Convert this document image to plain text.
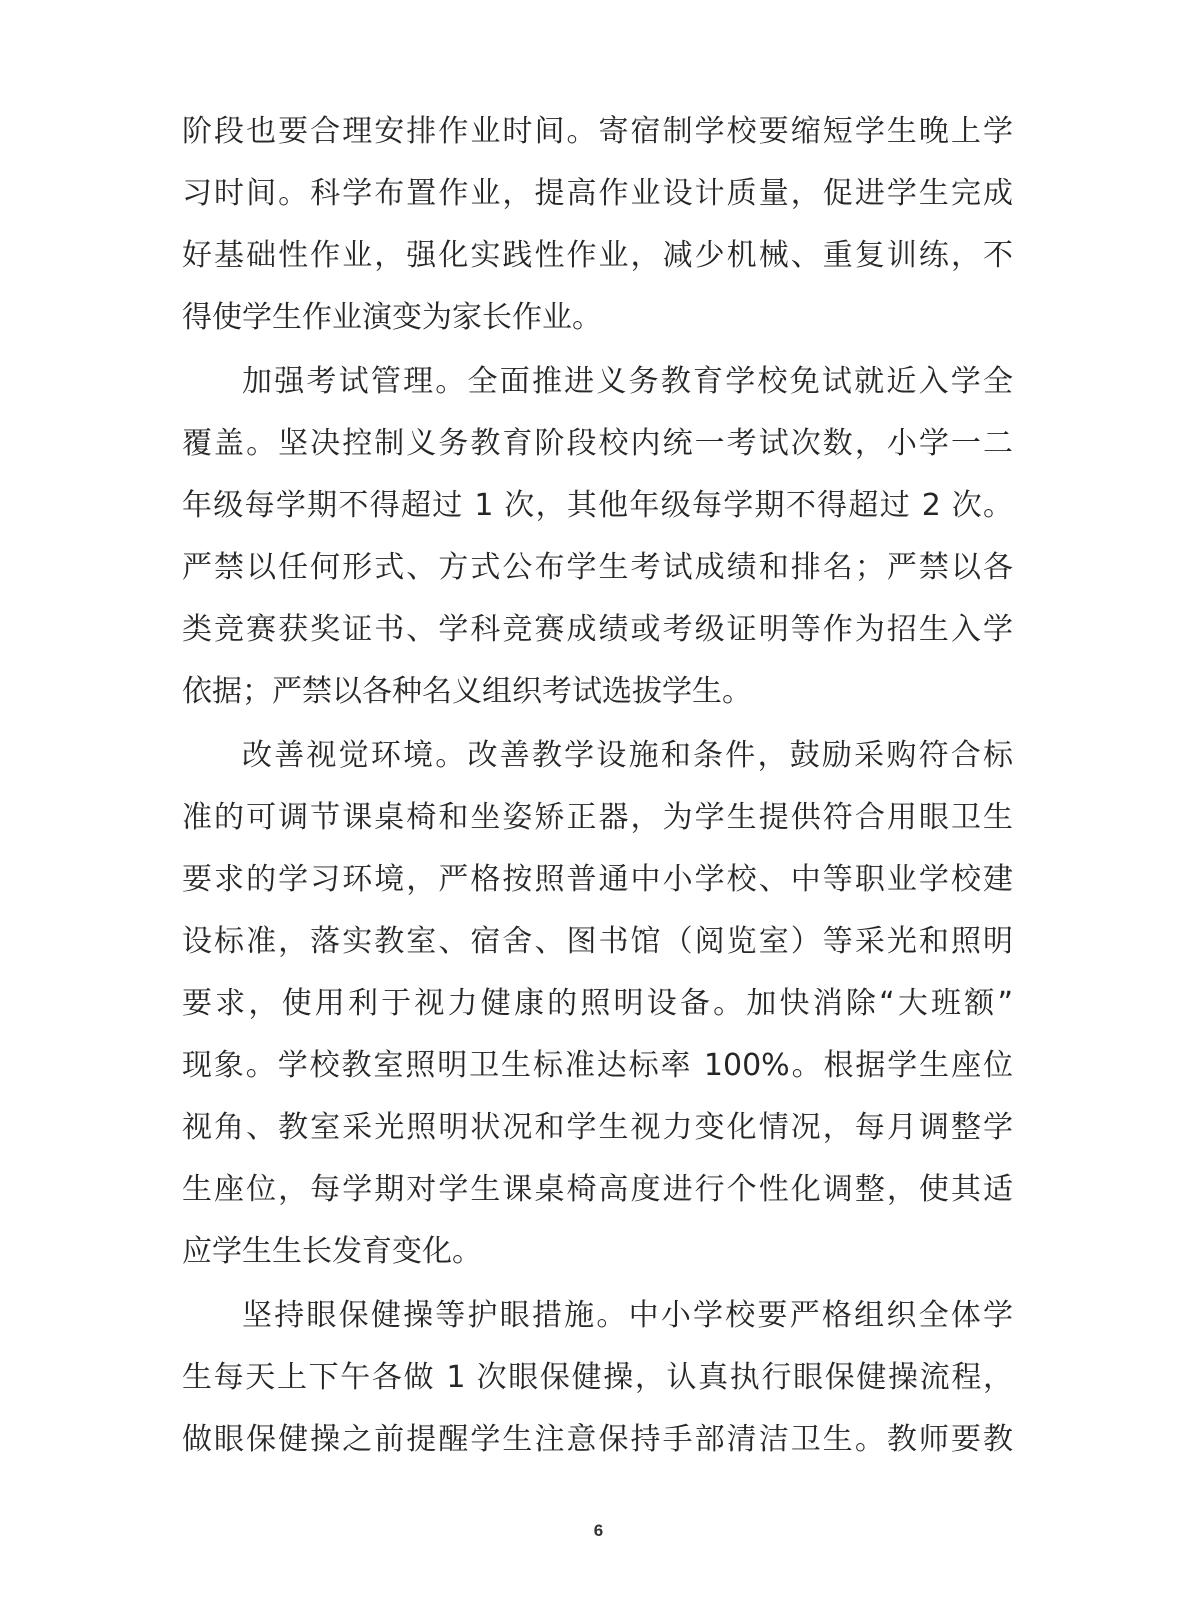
阶段也要合理安排作业时间。寄宿制学校要缩短学生晚上学
习时间。科学布置作业，提高作业设计质量，促进学生完成
好基础性作业，强化实践性作业，减少机械、重复训练，不
得使学生作业演变为家长作业。
加强考试管理。全面推进义务教育学校免试就近入学全
覆盖。坚决控制义务教育阶段校内统一考试次数，小学一二
年级每学期不得超过 1 次，其他年级每学期不得超过 2 次。
严禁以任何形式、方式公布学生考试成绩和排名；严禁以各
类竞赛获奖证书、学科竞赛成绩或考级证明等作为招生入学
依据；严禁以各种名义组织考试选拔学生。
改善视觉环境。改善教学设施和条件，鼓励采购符合标
准的可调节课桌椅和坐姿矫正器，为学生提供符合用眼卫生
要求的学习环境，严格按照普通中小学校、中等职业学校建
设标准，落实教室、宿舍、图书馆（阅览室）等采光和照明
要求，使用利于视力健康的照明设备。加快消除“大班额”
现象。学校教室照明卫生标准达标率 100%。根据学生座位
视角、教室采光照明状况和学生视力变化情况，每月调整学
生座位，每学期对学生课桌椅高度进行个性化调整，使其适
应学生生长发育变化。
坚持眼保健操等护眼措施。中小学校要严格组织全体学
生每天上下午各做 1 次眼保健操，认真执行眼保健操流程，
做眼保健操之前提醒学生注意保持手部清洁卫生。教师要教
6
